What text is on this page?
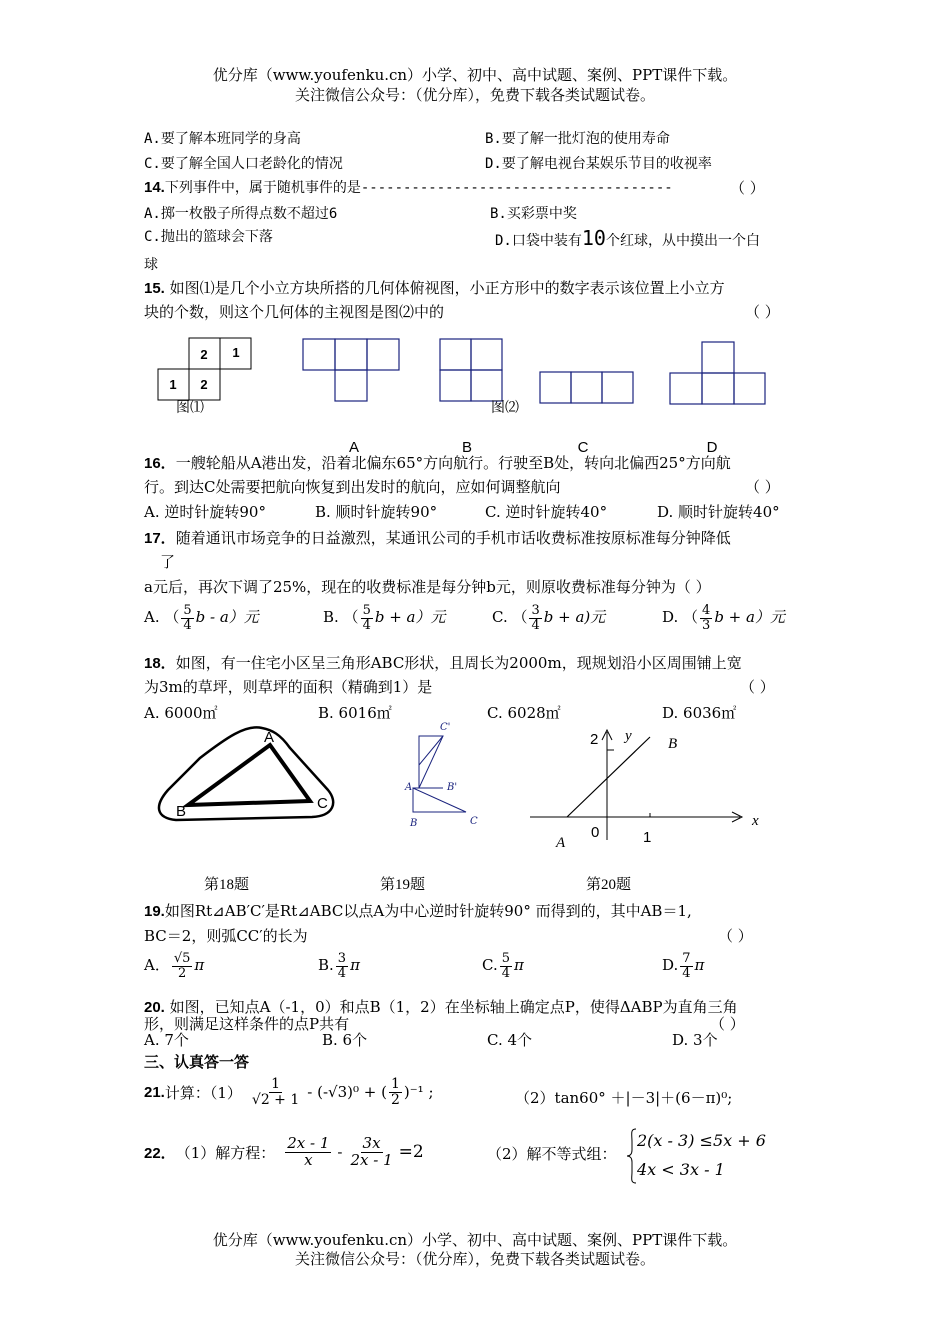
优分库（www.youfenku.cn）小学、初中、高中试题、案例、PPT课件下载。
关注微信公众号：（优分库），免费下载各类试题试卷。
A.要了解本班同学的身高	B.要了解一批灯泡的使用寿命
C.要了解全国人口老龄化的情况	D.要了解电视台某娱乐节目的收视率
14.下列事件中，属于随机事件的是-------------------------------------	（ ）
A.掷一枚骰子所得点数不超过6	B.买彩票中奖
C.抛出的篮球会下落	D.口袋中装有10个红球，从中摸出一个白
球
15. 如图⑴是几个小立方块所搭的几何体俯视图，小正方形中的数字表示该位置上小立方
块的个数，则这个几何体的主视图是图⑵中的	（ ）
2 1
1 2
图⑴	图⑵
A	B	C	D
16．一艘轮船从A港出发，沿着北偏东65°方向航行。行驶至B处，转向北偏西25°方向航
行。到达C处需要把航向恢复到出发时的航向，应如何调整航向	（ ）
A. 逆时针旋转90°	B. 顺时针旋转90°	C. 逆时针旋转40°	D. 顺时针旋转40°
17．随着通讯市场竞争的日益激烈，某通讯公司的手机市话收费标准按原标准每分钟降低
了
a元后，再次下调了25%，现在的收费标准是每分钟b元，则原收费标准每分钟为（ ）
A. （ $\frac{5}{4}$ b - a）元	B. （ $\frac{5}{4}$ b + a）元	C. （ $\frac{3}{4}$ b + a)元	D. （ $\frac{4}{3}$ b + a）元
18．如图，有一住宅小区呈三角形ABC形状，且周长为2000m，现规划沿小区周围铺上宽
为3m的草坪，则草坪的面积（精确到1）是	（ ）
A. 6000㎡	B. 6016㎡	C. 6028㎡	D. 6036㎡
A
B	C
C'
A	B'
B	C
2 y B
x
A
0	1
第18题	第19题	第20题
19.如图Rt⊿AB′C′是Rt⊿ABC以点A为中心逆时针旋转90° 而得到的，其中AB＝1,
BC＝2，则弧CC′的长为	（ ）
A． $\frac{√5}{2}$ π	B. $\frac{3}{4}$ π	C. $\frac{5}{4}$ π	D. $\frac{7}{4}$ π
20. 如图，已知点A（-1，0）和点B（1，2）在坐标轴上确定点P，使得ΔABP为直角三角
形，则满足这样条件的点P共有	（ ）
A. 7个	B. 6个	C. 4个	D. 3个
三、认真答一答
21. 计算：$(1) \frac{1}{√2 + 1} - (-√3)^0$ + ( $\frac{1}{2} )^{-1}$ ;	（2）tan60° ＋|－3|＋(6－π)⁰;
22． （1）解方程： $\frac{2x - 1}{x} - \frac{3x}{2x - 1} =2$	（2）解不等式组：
2(x - 3) ≤5x + 6
4x < 3x - 1
优分库（www.youfenku.cn）小学、初中、高中试题、案例、PPT课件下载。
关注微信公众号：（优分库），免费下载各类试题试卷。
